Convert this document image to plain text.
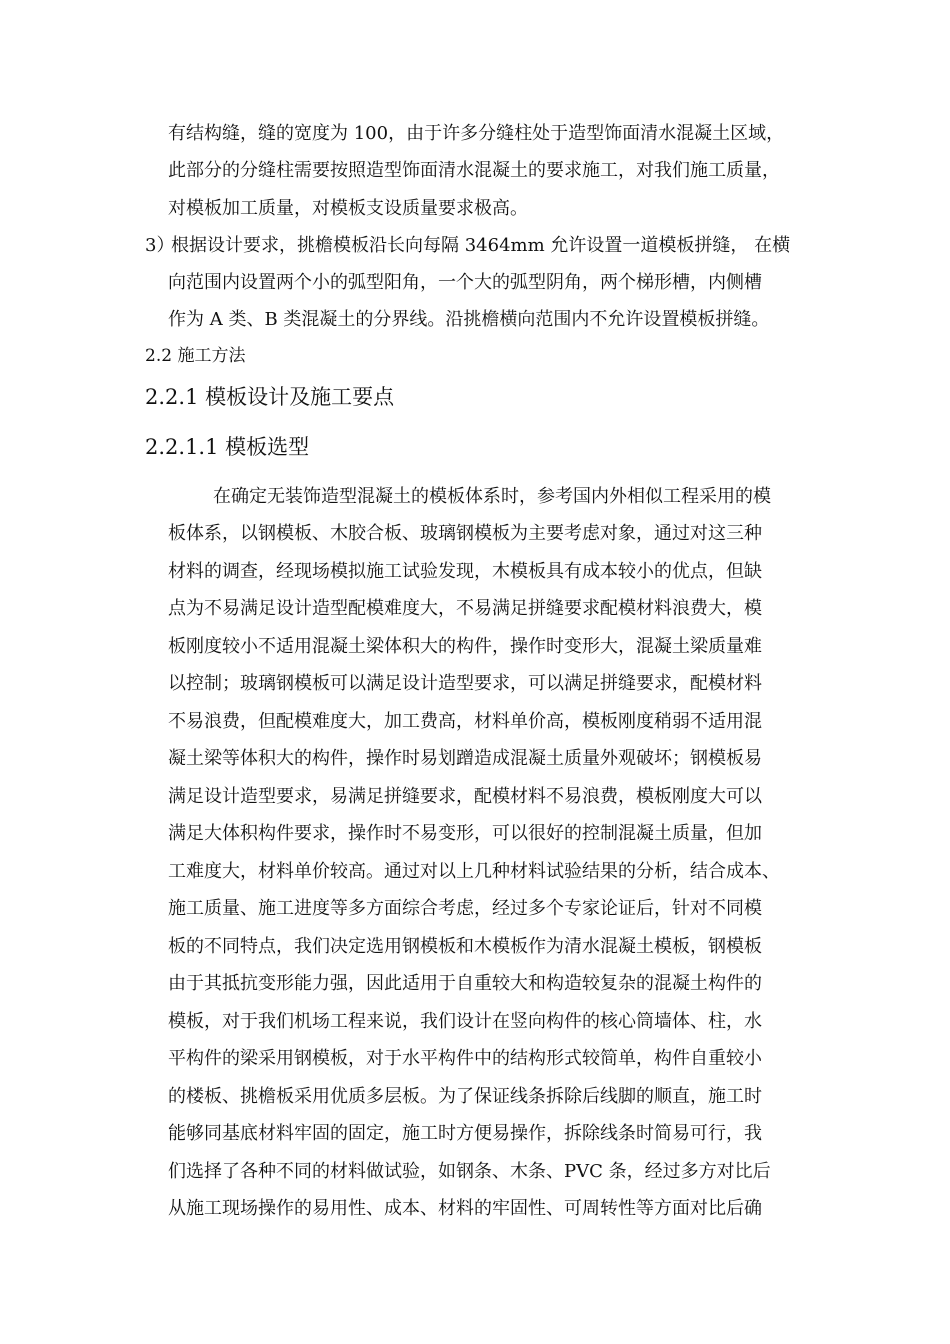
有结构缝，缝的宽度为 100，由于许多分缝柱处于造型饰面清水混凝土区域，
此部分的分缝柱需要按照造型饰面清水混凝土的要求施工，对我们施工质量，
对模板加工质量，对模板支设质量要求极高。
3）
根据设计要求，挑檐模板沿长向每隔 3464mm 允许设置一道模板拼缝， 在横
向范围内设置两个小的弧型阳角，一个大的弧型阴角，两个梯形槽，内侧槽
作为 A 类、B 类混凝土的分界线。沿挑檐横向范围内不允许设置模板拼缝。
2.2 施工方法
2.2.1 模板设计及施工要点
2.2.1.1 模板选型
在确定无装饰造型混凝土的模板体系时，参考国内外相似工程采用的模
板体系，以钢模板、木胶合板、玻璃钢模板为主要考虑对象，通过对这三种
材料的调查，经现场模拟施工试验发现，木模板具有成本较小的优点，但缺
点为不易满足设计造型配模难度大，不易满足拼缝要求配模材料浪费大，模
板刚度较小不适用混凝土梁体积大的构件，操作时变形大，混凝土梁质量难
以控制；玻璃钢模板可以满足设计造型要求，可以满足拼缝要求，配模材料
不易浪费，但配模难度大，加工费高，材料单价高，模板刚度稍弱不适用混
凝土梁等体积大的构件，操作时易划蹭造成混凝土质量外观破坏；钢模板易
满足设计造型要求，易满足拼缝要求，配模材料不易浪费，模板刚度大可以
满足大体积构件要求，操作时不易变形，可以很好的控制混凝土质量，但加
工难度大，材料单价较高。通过对以上几种材料试验结果的分析，结合成本、
施工质量、施工进度等多方面综合考虑，经过多个专家论证后，针对不同模
板的不同特点，我们决定选用钢模板和木模板作为清水混凝土模板，钢模板
由于其抵抗变形能力强，因此适用于自重较大和构造较复杂的混凝土构件的
模板，对于我们机场工程来说，我们设计在竖向构件的核心筒墙体、柱，水
平构件的梁采用钢模板，对于水平构件中的结构形式较简单，构件自重较小
的楼板、挑檐板采用优质多层板。为了保证线条拆除后线脚的顺直，施工时
能够同基底材料牢固的固定，施工时方便易操作，拆除线条时简易可行，我
们选择了各种不同的材料做试验，如钢条、木条、PVC 条，经过多方对比后
从施工现场操作的易用性、成本、材料的牢固性、可周转性等方面对比后确
